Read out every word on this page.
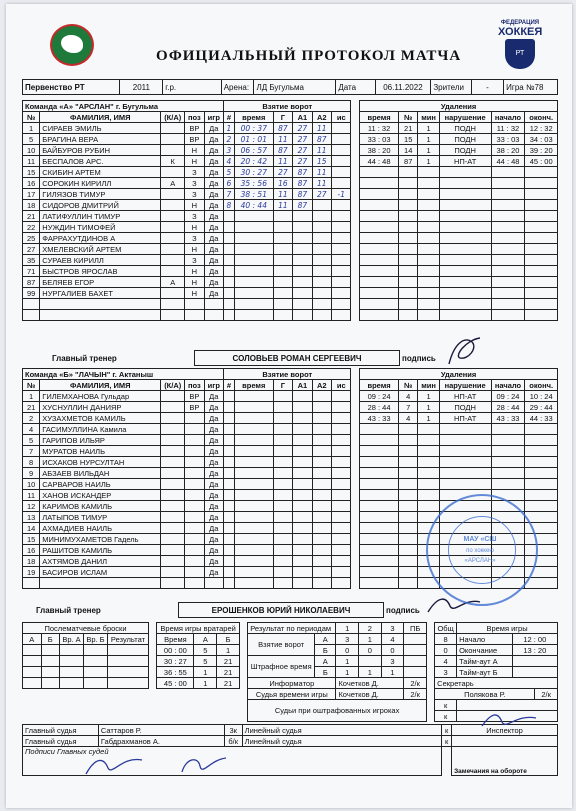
ОФИЦИАЛЬНЫЙ ПРОТОКОЛ МАТЧА
ФЕДЕРАЦИЯ
ХОККЕЯ
РТ
Первенство РТ	2011	г.р.	Арена:	ЛД Бугульма	Дата	06.11.2022	Зрители	-	Игра №78
Команда «А» "АРСЛАН" г. Бугульма					Взятие ворот							Удаления					
№	ФАМИЛИЯ, ИМЯ	(К/А)	поз	игр	#	время	Г	А1	А2	ис		время	№	мин	нарушение	начало	оконч.
1	СИРАЕВ ЭМИЛЬ		ВР	Да	1	00 : 37	87	27	11			11 : 32	21	1	ПОДН	11 : 32	12 : 32
5	БРАГИНА ВЕРА		ВР	Да	2	01 : 01	11	27	87			33 : 03	15	1	ПОДН	33 : 03	34 : 03
10	БАЙБУРОВ РУБИН		Н	Да	3	06 : 57	87	27	11			38 : 20	14	1	ПОДН	38 : 20	39 : 20
11	БЕСПАЛОВ АРС.	К	Н	Да	4	20 : 42	11	27	15			44 : 48	87	1	НП-АТ	44 : 48	45 : 00
15	СКИБИН АРТЕМ		З	Да	5	30 : 27	27	87	11								
16	СОРОКИН КИРИЛЛ	А	З	Да	6	35 : 56	16	87	11								
17	ГИЛЯЗОВ ТИМУР		З	Да	7	38 : 51	11	87	27	-1							
18	СИДОРОВ ДМИТРИЙ		Н	Да	8	40 : 44	11	87									
21	ЛАТИФУЛЛИН ТИМУР		З	Да													
22	НУЖДИН ТИМОФЕЙ		Н	Да													
25	ФАРРАХУТДИНОВ А		З	Да													
27	ХМЕЛЕВСКИЙ АРТЕМ		Н	Да													
35	СУРАЕВ КИРИЛЛ		З	Да													
71	БЫСТРОВ ЯРОСЛАВ		Н	Да													
87	БЕЛЯЕВ ЕГОР	А	Н	Да													
99	НУРГАЛИЕВ БАХЕТ		Н	Да													

Главный тренер	СОЛОВЬЕВ РОМАН СЕРГЕЕВИЧ	подпись	
Команда «Б» "ЛАЧЫН" г. Актаныш					Взятие ворот							Удаления					
№	ФАМИЛИЯ, ИМЯ	(К/А)	поз	игр	#	время	Г	А1	А2	ис		время	№	мин	нарушение	начало	оконч.
1	ГИЛЕМХАНОВА Гульдар		ВР	Да								09 : 24	4	1	НП-АТ	09 : 24	10 : 24
21	ХУСНУЛЛИН ДАНИЯР		ВР	Да								28 : 44	7	1	ПОДН	28 : 44	29 : 44
2	ХУЗАХМЕТОВ КАМИЛЬ			Да								43 : 33	4	1	НП-АТ	43 : 33	44 : 33
4	ГАСИМУЛЛИНА Камила			Да													
5	ГАРИПОВ ИЛЬЯР			Да													
7	МУРАТОВ НАИЛЬ			Да													
8	ИСХАКОВ НУРСУЛТАН			Да													
9	АБЗАЕВ ВИЛЬДАН			Да													
10	САРВАРОВ НАИЛЬ			Да													
11	ХАНОВ ИСКАНДЕР			Да													
12	КАРИМОВ КАМИЛЬ			Да													
13	ЛАТЫПОВ ТИМУР			Да													
14	АХМАДИЕВ НАИЛЬ			Да													
15	МИНИМУХАМЕТОВ Гадель			Да													
16	РАШИТОВ КАМИЛЬ			Да													
18	АХТЯМОВ ДАНИЛ			Да													
19	БАСИРОВ ИСЛАМ			Да													

Главный тренер	ЕРОШЕНКОВ ЮРИЙ НИКОЛАЕВИЧ	подпись	
МАУ «СШ
по хоккею
«АРСЛАН»
Послематчевые броски						Время игры вратарей				Результат по периодам		1	2	3	ПБ		Общ	Время игры		
А	Б	Вр. А	Вр. Б	Результат		Время	А	Б		Взятие ворот	А	3	1	4			8	Начало	12 : 00	
						00 : 00	5	1			Б	0	0	0			0	Окончание	13 : 20	
						30 : 27	5	21		Штрафное время	А	1		3			4	Тайм-аут А		
						36 : 55	1	21			Б	1	1	1			3	Тайм-аут Б		
						45 : 00	1	21		Информатор		Кочетков Д.			2/к		Секретарь			
										Судья времени игры		Кочетков Д.			2/к		Полякова Р.			2/к
										Судьи при оштрафованных игроках							к			
																	к			
Главный судья	Саттаров Р.	3к	Линейный судья	к	Инспектор
Главный судья	Габдрахманов А.	б/к	Линейный судья	к	
Подписи Главных судей					Замечания на обороте
